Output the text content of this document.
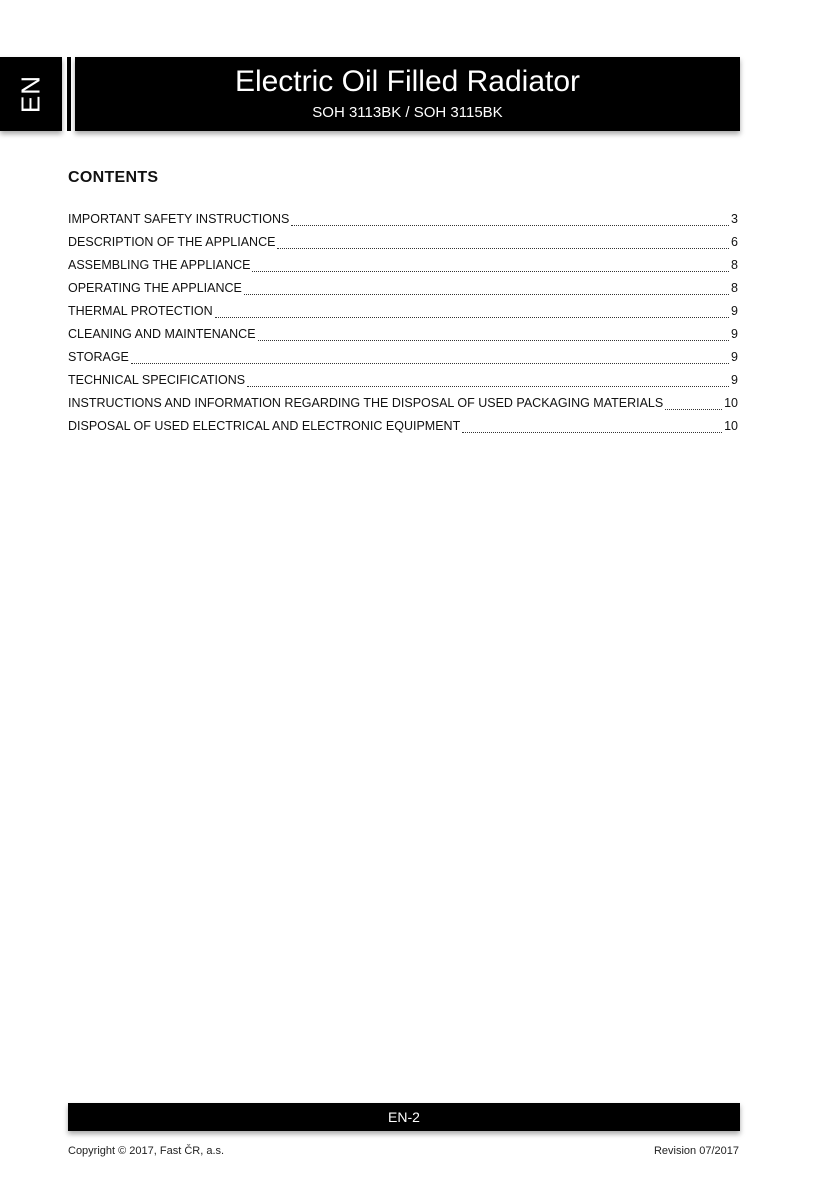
EN	Electric Oil Filled Radiator
SOH 3113BK / SOH 3115BK
CONTENTS
IMPORTANT SAFETY INSTRUCTIONS	3
DESCRIPTION OF THE APPLIANCE	6
ASSEMBLING THE APPLIANCE	8
OPERATING THE APPLIANCE	8
THERMAL PROTECTION	9
CLEANING AND MAINTENANCE	9
STORAGE	9
TECHNICAL SPECIFICATIONS	9
INSTRUCTIONS AND INFORMATION REGARDING THE DISPOSAL OF USED PACKAGING MATERIALS	10
DISPOSAL OF USED ELECTRICAL AND ELECTRONIC EQUIPMENT	10
EN-2
Copyright © 2017, Fast ČR, a.s.	Revision 07/2017
